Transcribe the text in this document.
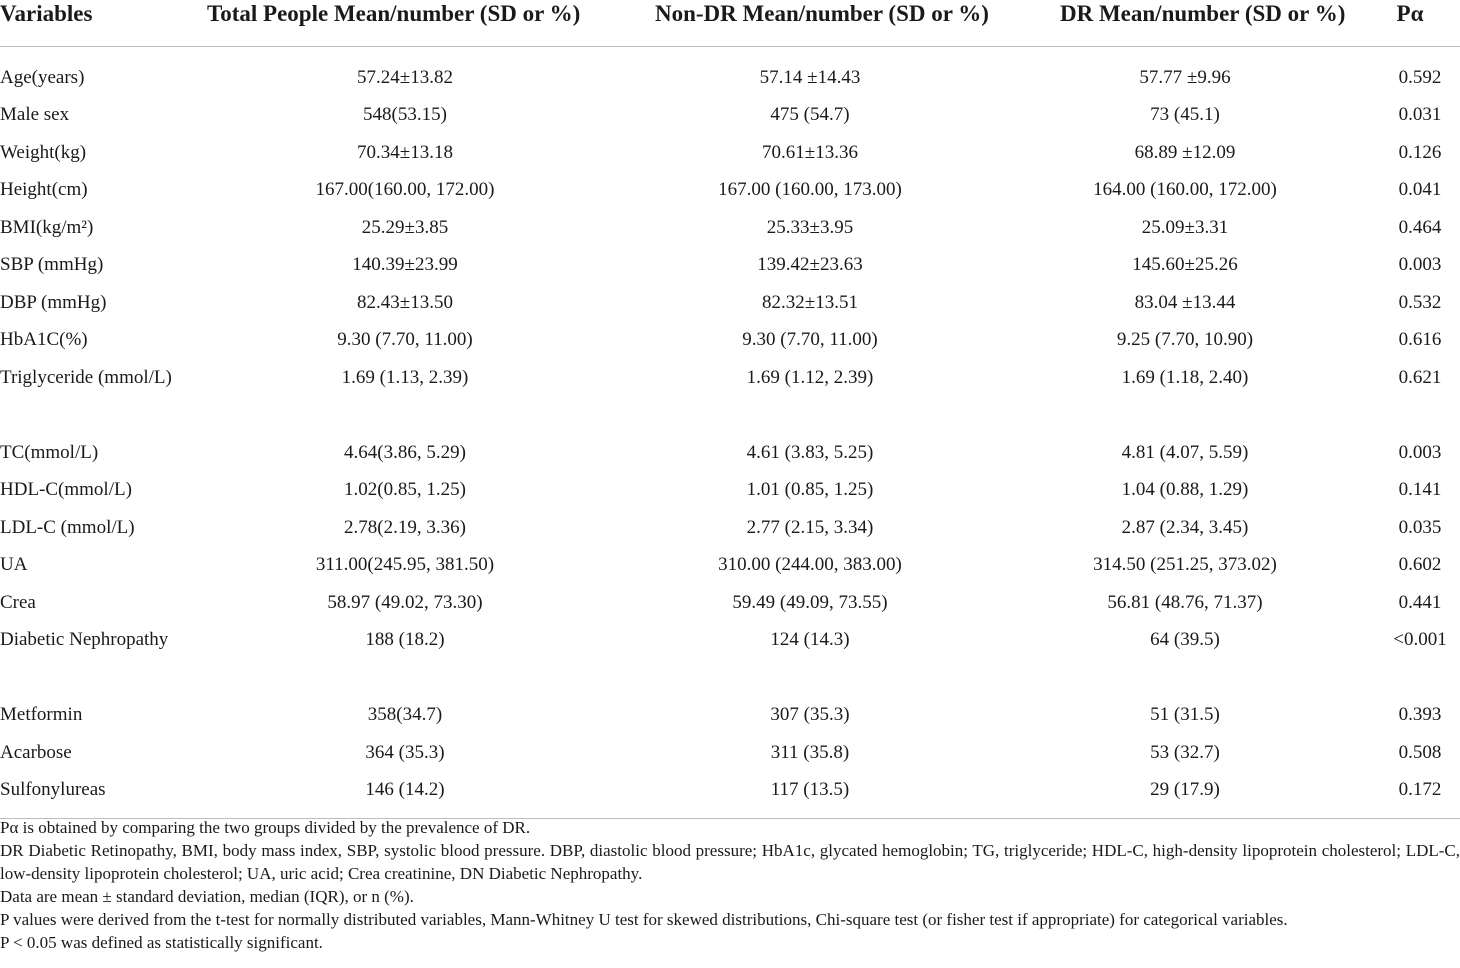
Variables	Total People Mean/number (SD or %)	Non-DR Mean/number (SD or %)	DR Mean/number (SD or %)	Pα
Age(years)	57.24±13.82	57.14 ±14.43	57.77 ±9.96	0.592
Male sex	548(53.15)	475 (54.7)	73 (45.1)	0.031
Weight(kg)	70.34±13.18	70.61±13.36	68.89 ±12.09	0.126
Height(cm)	167.00(160.00, 172.00)	167.00 (160.00, 173.00)	164.00 (160.00, 172.00)	0.041
BMI(kg/m²)	25.29±3.85	25.33±3.95	25.09±3.31	0.464
SBP (mmHg)	140.39±23.99	139.42±23.63	145.60±25.26	0.003
DBP (mmHg)	82.43±13.50	82.32±13.51	83.04 ±13.44	0.532
HbA1C(%)	9.30 (7.70, 11.00)	9.30 (7.70, 11.00)	9.25 (7.70, 10.90)	0.616
Triglyceride (mmol/L)	1.69 (1.13, 2.39)	1.69 (1.12, 2.39)	1.69 (1.18, 2.40)	0.621
TC(mmol/L)	4.64(3.86, 5.29)	4.61 (3.83, 5.25)	4.81 (4.07, 5.59)	0.003
HDL-C(mmol/L)	1.02(0.85, 1.25)	1.01 (0.85, 1.25)	1.04 (0.88, 1.29)	0.141
LDL-C (mmol/L)	2.78(2.19, 3.36)	2.77 (2.15, 3.34)	2.87 (2.34, 3.45)	0.035
UA	311.00(245.95, 381.50)	310.00 (244.00, 383.00)	314.50 (251.25, 373.02)	0.602
Crea	58.97 (49.02, 73.30)	59.49 (49.09, 73.55)	56.81 (48.76, 71.37)	0.441
Diabetic Nephropathy	188 (18.2)	124 (14.3)	64 (39.5)	<0.001
Metformin	358(34.7)	307 (35.3)	51 (31.5)	0.393
Acarbose	364 (35.3)	311 (35.8)	53 (32.7)	0.508
Sulfonylureas	146 (14.2)	117 (13.5)	29 (17.9)	0.172

Pα is obtained by comparing the two groups divided by the prevalence of DR.

DR Diabetic Retinopathy, BMI, body mass index, SBP, systolic blood pressure. DBP, diastolic blood pressure; HbA1c, glycated hemoglobin; TG, triglyceride; HDL-C, high-density lipoprotein cholesterol; LDL-C, low-density lipoprotein cholesterol; UA, uric acid; Crea creatinine, DN Diabetic Nephropathy.

Data are mean ± standard deviation, median (IQR), or n (%).

P values were derived from the t-test for normally distributed variables, Mann-Whitney U test for skewed distributions, Chi-square test (or fisher test if appropriate) for categorical variables.

P < 0.05 was defined as statistically significant.
